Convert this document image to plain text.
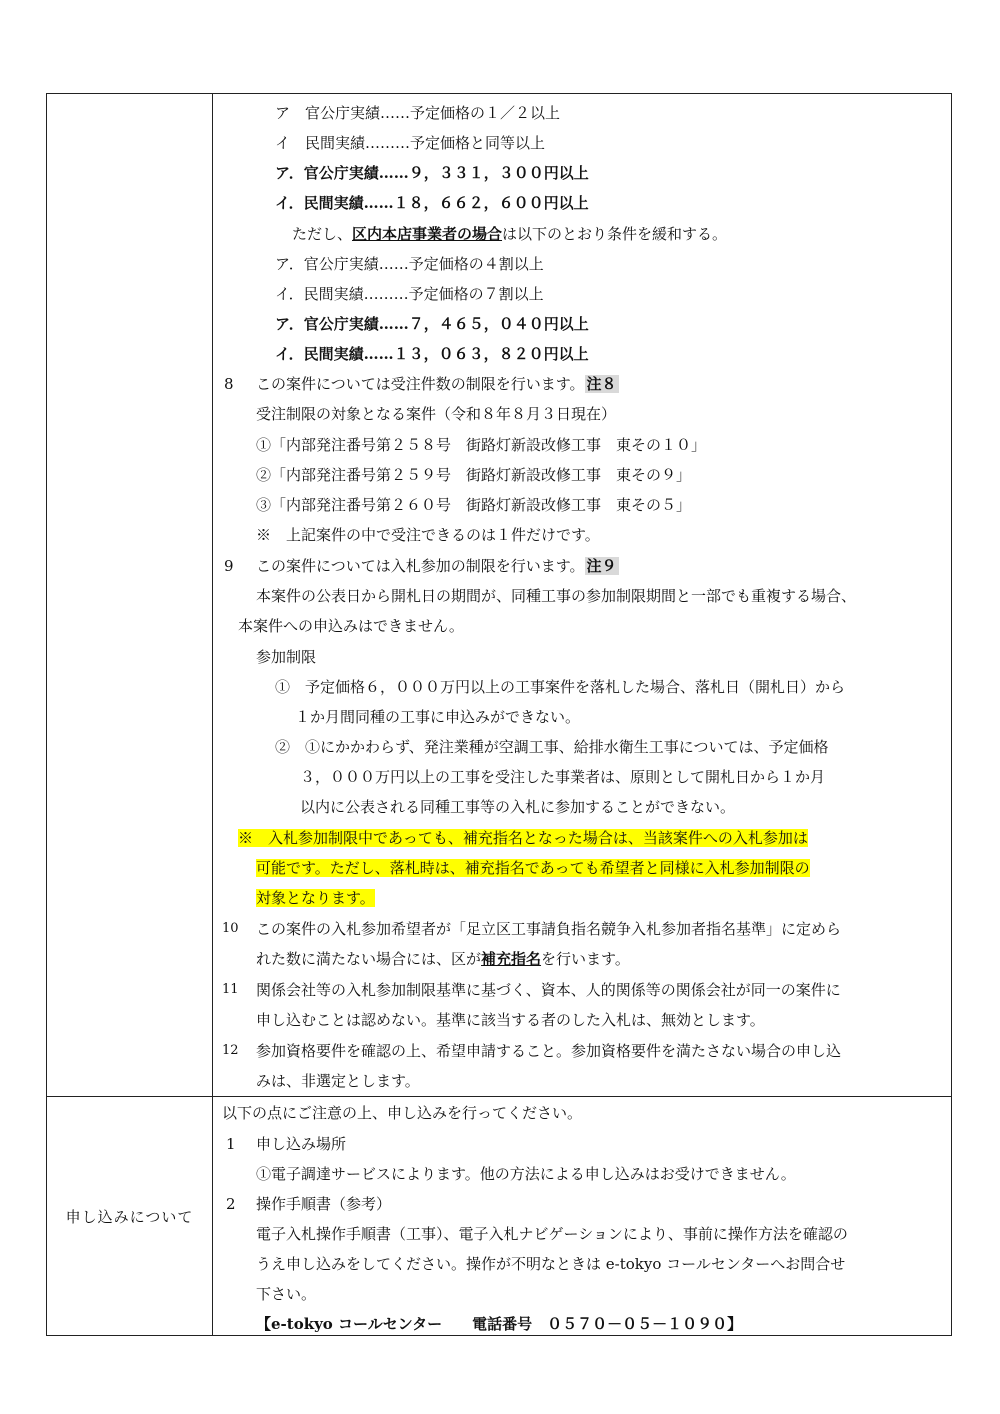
申し込みについて
ア　官公庁実績……予定価格の１／２以上
イ　民間実績………予定価格と同等以上
ア．官公庁実績……９，３３１，３００円以上
イ．民間実績……１８，６６２，６００円以上
ただし、区内本店事業者の場合は以下のとおり条件を緩和する。
ア．官公庁実績……予定価格の４割以上
イ．民間実績………予定価格の７割以上
ア．官公庁実績……７，４６５，０４０円以上
イ．民間実績……１３，０６３，８２０円以上
8 この案件については受注件数の制限を行います。 注８
受注制限の対象となる案件（令和８年８月３日現在）
①「内部発注番号第２５８号　街路灯新設改修工事　東その１０」
②「内部発注番号第２５９号　街路灯新設改修工事　東その９」
③「内部発注番号第２６０号　街路灯新設改修工事　東その５」
※　上記案件の中で受注できるのは１件だけです。
9 この案件については入札参加の制限を行います。 注９
本案件の公表日から開札日の期間が、同種工事の参加制限期間と一部でも重複する場合、
本案件への申込みはできません。
参加制限
①　予定価格６，０００万円以上の工事案件を落札した場合、落札日（開札日）から
１か月間同種の工事に申込みができない。
②　①にかかわらず、発注業種が空調工事、給排水衛生工事については、予定価格
３，０００万円以上の工事を受注した事業者は、原則として開札日から１か月
以内に公表される同種工事等の入札に参加することができない。
※　入札参加制限中であっても、補充指名となった場合は、当該案件への入札参加は
可能です。ただし、落札時は、補充指名であっても希望者と同様に入札参加制限の
対象となります。
10 この案件の入札参加希望者が「足立区工事請負指名競争入札参加者指名基準」に定めら
れた数に満たない場合には、区が補充指名を行います。
11 関係会社等の入札参加制限基準に基づく、資本、人的関係等の関係会社が同一の案件に
申し込むことは認めない。基準に該当する者のした入札は、無効とします。
12 参加資格要件を確認の上、希望申請すること。参加資格要件を満たさない場合の申し込
みは、非選定とします。
以下の点にご注意の上、申し込みを行ってください。
1 申し込み場所
①電子調達サービスによります。他の方法による申し込みはお受けできません。
2 操作手順書（参考）
電子入札操作手順書（工事）、電子入札ナビゲーションにより、事前に操作方法を確認の
うえ申し込みをしてください。操作が不明なときは e-tokyo コールセンターへお問合せ
下さい。
【e-tokyo コールセンター　　電話番号　０５７０－０５－１０９０】
